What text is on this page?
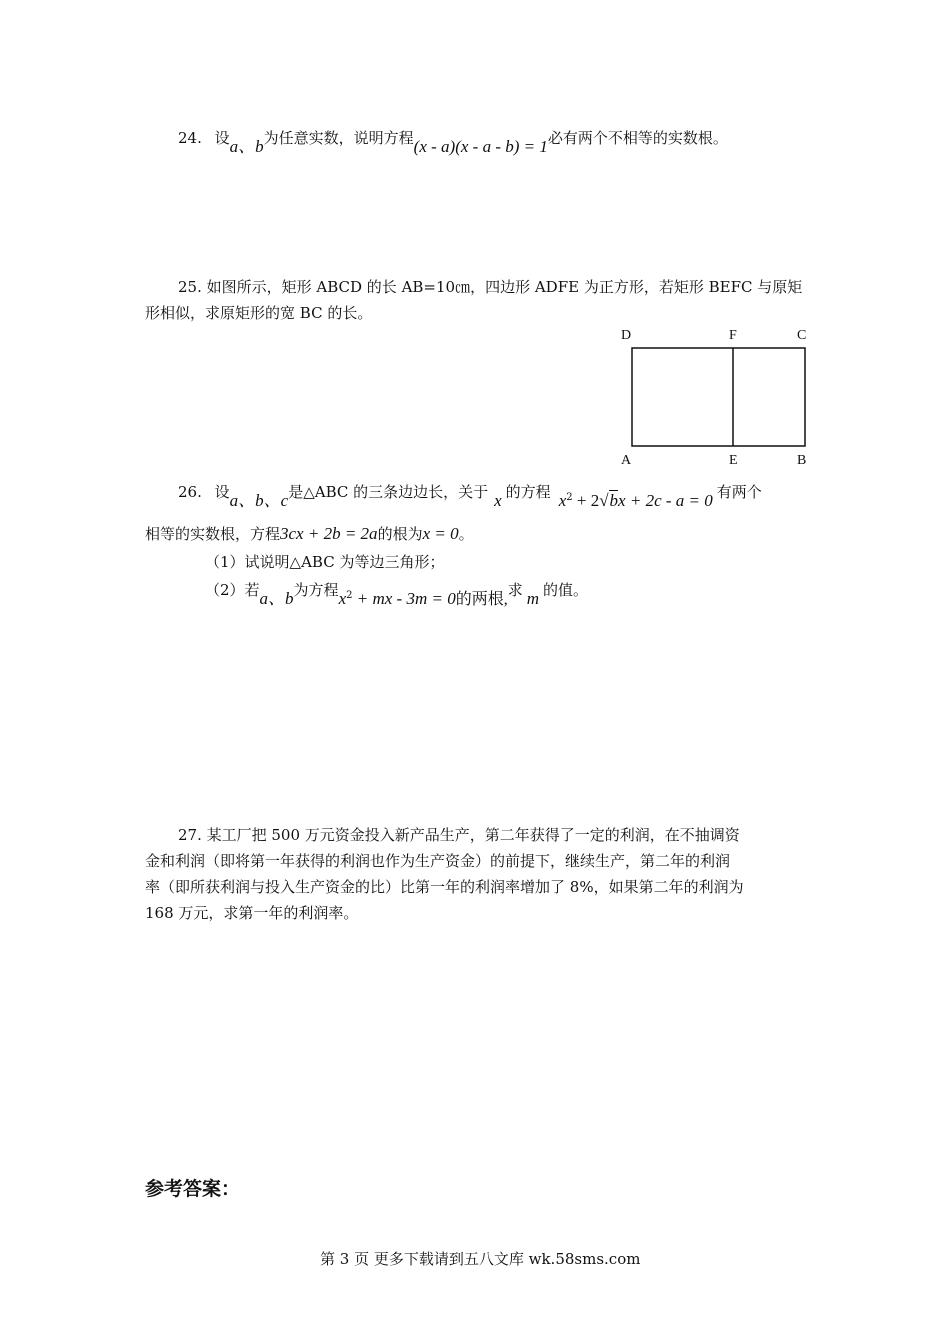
24. 设a、b为任意实数，说明方程(x - a)(x - a - b) = 1必有两个不相等的实数根。
25. 如图所示，矩形 ABCD 的长 AB=10㎝，四边形 ADFE 为正方形，若矩形 BEFC 与原矩
形相似，求原矩形的宽 BC 的长。
D	F	C
A	E	B
26. 设a、b、c是△ABC 的三条边边长，关于 x 的方程 $x^2 + 2√bx + 2c - a = 0$ 有两个
相等的实数根，方程3cx + 2b = 2a的根为x = 0。
（1）试说明△ABC 为等边三角形；
（2）若a、b为方程$x^2$ + mx - 3m = 0的两根,求 m 的值。
27. 某工厂把 500 万元资金投入新产品生产，第二年获得了一定的利润，在不抽调资
金和利润（即将第一年获得的利润也作为生产资金）的前提下，继续生产，第二年的利润
率（即所获利润与投入生产资金的比）比第一年的利润率增加了 8%，如果第二年的利润为
168 万元，求第一年的利润率。
参考答案：
第 3 页 更多下载请到五八文库 wk.58sms.com
